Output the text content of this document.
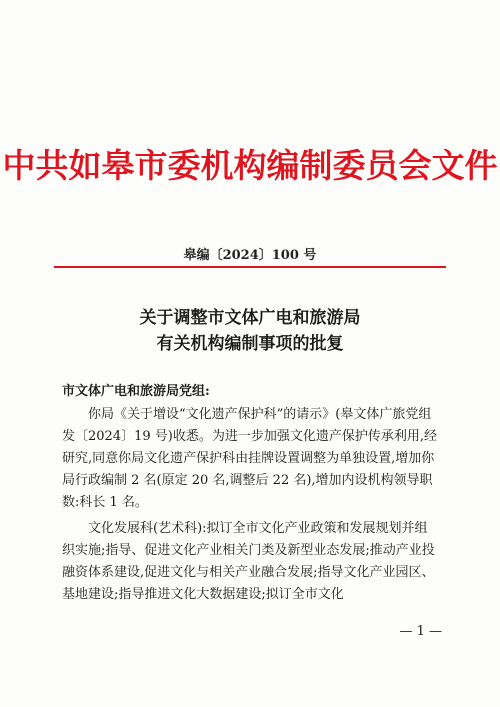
中共如皋市委机构编制委员会文件
皋编〔2024〕100 号
关于调整市文体广电和旅游局
有关机构编制事项的批复
市文体广电和旅游局党组:

你局《关于增设“文化遗产保护科”的请示》(皋文体广旅党组发〔2024〕19 号)收悉。为进一步加强文化遗产保护传承利用,经研究,同意你局文化遗产保护科由挂牌设置调整为单独设置,增加你局行政编制 2 名(原定 20 名,调整后 22 名),增加内设机构领导职数:科长 1 名。

文化发展科(艺术科):拟订全市文化产业政策和发展规划并组织实施;指导、促进文化产业相关门类及新型业态发展;推动产业投融资体系建设,促进文化与相关产业融合发展;指导文化产业园区、基地建设;指导推进文化大数据建设;拟订全市文化

— 1 —
